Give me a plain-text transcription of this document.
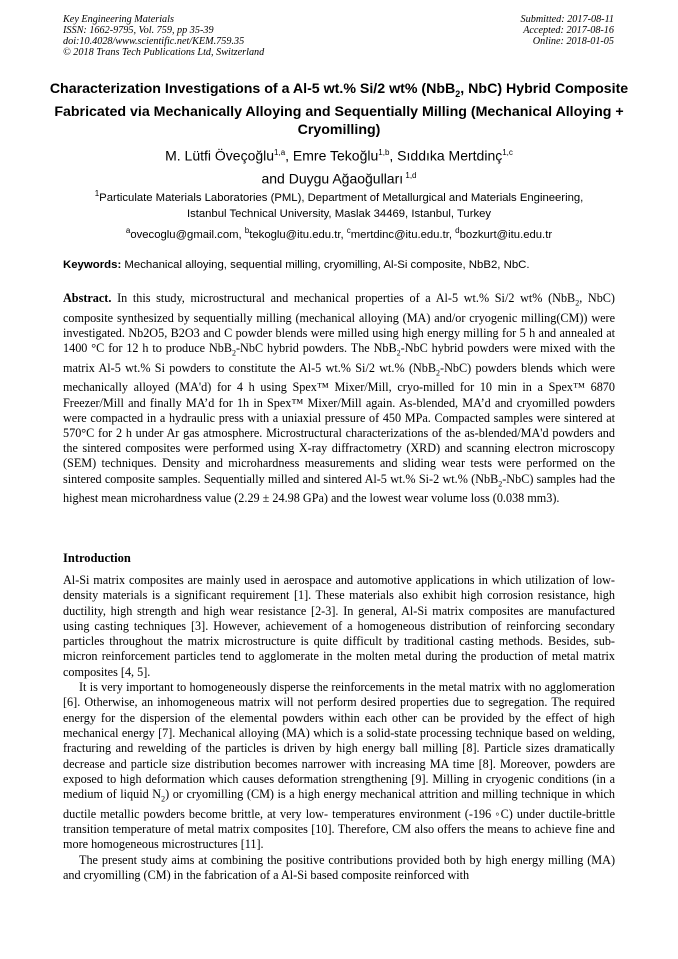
Key Engineering Materials
ISSN: 1662-9795, Vol. 759, pp 35-39
doi:10.4028/www.scientific.net/KEM.759.35
© 2018 Trans Tech Publications Ltd, Switzerland
Submitted: 2017-08-11
Accepted: 2017-08-16
Online: 2018-01-05
Characterization Investigations of a Al-5 wt.% Si/2 wt% (NbB$_2$, NbC) Hybrid Composite Fabricated via Mechanically Alloying and Sequentially Milling (Mechanical Alloying + Cryomilling)
M. Lütfi Öveçoğlu$^{1,a}$, Emre Tekoğlu$^{1,b}$, Sıddıka Mertdinç$^{1,c}$
and Duygu Ağaoğulları $^{1,d}$
$^1$Particulate Materials Laboratories (PML), Department of Metallurgical and Materials Engineering,
Istanbul Technical University, Maslak 34469, Istanbul, Turkey
$^a$ovecoglu@gmail.com, $^b$tekoglu@itu.edu.tr, $^c$mertdinc@itu.edu.tr, $^d$bozkurt@itu.edu.tr
Keywords: Mechanical alloying, sequential milling, cryomilling, Al-Si composite, NbB2, NbC.
Abstract. In this study, microstructural and mechanical properties of a Al-5 wt.% Si/2 wt% (NbB$_2$, NbC) composite synthesized by sequentially milling (mechanical alloying (MA) and/or cryogenic milling(CM)) were investigated. Nb2O5, B2O3 and C powder blends were milled using high energy milling for 5 h and annealed at 1400 °C for 12 h to produce NbB$_2$-NbC hybrid powders. The NbB$_2$-NbC hybrid powders were mixed with the matrix Al-5 wt.% Si powders to constitute the Al-5 wt.% Si/2 wt.% (NbB$_2$-NbC) powders blends which were mechanically alloyed (MA'd) for 4 h using Spex™ Mixer/Mill, cryo-milled for 10 min in a Spex™ 6870 Freezer/Mill and finally MA’d for 1h in Spex™ Mixer/Mill again. As-blended, MA’d and cryomilled powders were compacted in a hydraulic press with a uniaxial pressure of 450 MPa. Compacted samples were sintered at 570°C for 2 h under Ar gas atmosphere. Microstructural characterizations of the as-blended/MA'd powders and the sintered composites were performed using X-ray diffractometry (XRD) and scanning electron microscopy (SEM) techniques. Density and microhardness measurements and sliding wear tests were performed on the sintered composite samples. Sequentially milled and sintered Al-5 wt.% Si-2 wt.% (NbB$_2$-NbC) samples had the highest mean microhardness value (2.29 ± 24.98 GPa) and the lowest wear volume loss (0.038 mm3).
Introduction

Al-Si matrix composites are mainly used in aerospace and automotive applications in which utilization of low-density materials is a significant requirement [1]. These materials also exhibit high corrosion resistance, high ductility, high strength and high wear resistance [2-3]. In general, Al-Si matrix composites are manufactured using casting techniques [3]. However, achievement of a homogeneous distribution of reinforcing secondary particles throughout the matrix microstructure is quite difficult by traditional casting methods. Besides, sub-micron reinforcement particles tend to agglomerate in the molten metal during the production of metal matrix composites [4, 5].

It is very important to homogeneously disperse the reinforcements in the metal matrix with no agglomeration [6]. Otherwise, an inhomogeneous matrix will not perform desired properties due to segregation. The required energy for the dispersion of the elemental powders within each other can be provided by the effect of high mechanical energy [7]. Mechanical alloying (MA) which is a solid-state processing technique based on welding, fracturing and rewelding of the particles is driven by high energy ball milling [8]. Particle sizes dramatically decrease and particle size distribution becomes narrower with increasing MA time [8]. Moreover, powders are exposed to high deformation which causes deformation strengthening [9]. Milling in cryogenic conditions (in a medium of liquid $N_2$) or cryomilling (CM) is a high energy mechanical attrition and milling technique in which ductile metallic powders become brittle, at very low- temperatures environment (-196 ◦C) under ductile-brittle transition temperature of metal matrix composites [10]. Therefore, CM also offers the means to achieve fine and more homogeneous microstructures [11].

The present study aims at combining the positive contributions provided both by high energy milling (MA) and cryomilling (CM) in the fabrication of a Al-Si based composite reinforced with
